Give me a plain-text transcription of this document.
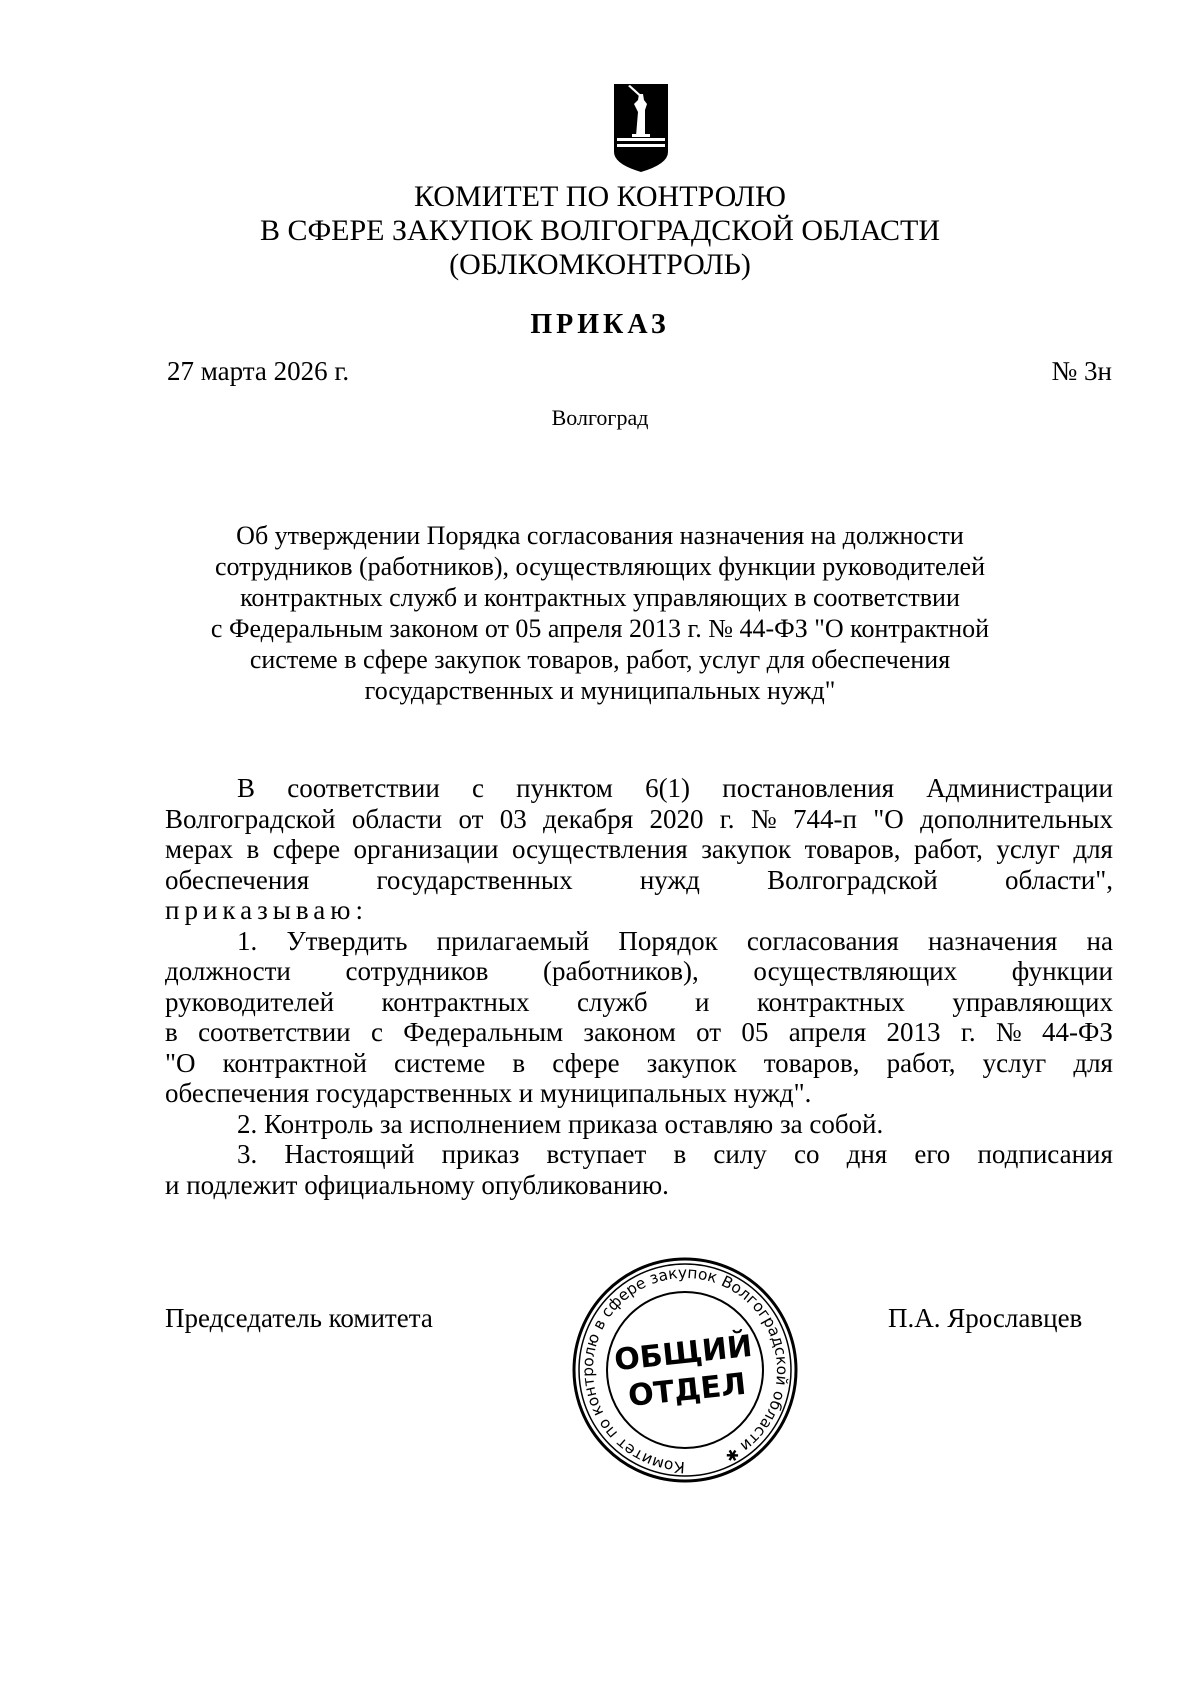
КОМИТЕТ ПО КОНТРОЛЮ
В СФЕРЕ ЗАКУПОК ВОЛГОГРАДСКОЙ ОБЛАСТИ
(ОБЛКОМКОНТРОЛЬ)
ПРИКАЗ
27 марта 2026 г.	№ 3н
Волгоград
Об утверждении Порядка согласования назначения на должности
сотрудников (работников), осуществляющих функции руководителей
контрактных служб и контрактных управляющих в соответствии
с Федеральным законом от 05 апреля 2013 г. № 44-ФЗ "О контрактной
системе в сфере закупок товаров, работ, услуг для обеспечения
государственных и муниципальных нужд"
В соответствии с пунктом 6(1) постановления Администрации
Волгоградской области от 03 декабря 2020 г. № 744-п "О дополнительных
мерах в сфере организации осуществления закупок товаров, работ, услуг для
обеспечения государственных нужд Волгоградской области",
приказываю:
1. Утвердить прилагаемый Порядок согласования назначения на
должности сотрудников (работников), осуществляющих функции
руководителей контрактных служб и контрактных управляющих
в соответствии с Федеральным законом от 05 апреля 2013 г. № 44-ФЗ
"О контрактной системе в сфере закупок товаров, работ, услуг для
обеспечения государственных и муниципальных нужд".
2. Контроль за исполнением приказа оставляю за собой.
3. Настоящий приказ вступает в силу со дня его подписания
и подлежит официальному опубликованию.
Председатель комитета	П.А. Ярославцев
Комитет по контролю в сфере закупок Волгоградской области ✱
ОБЩИЙ
ОТДЕЛ
